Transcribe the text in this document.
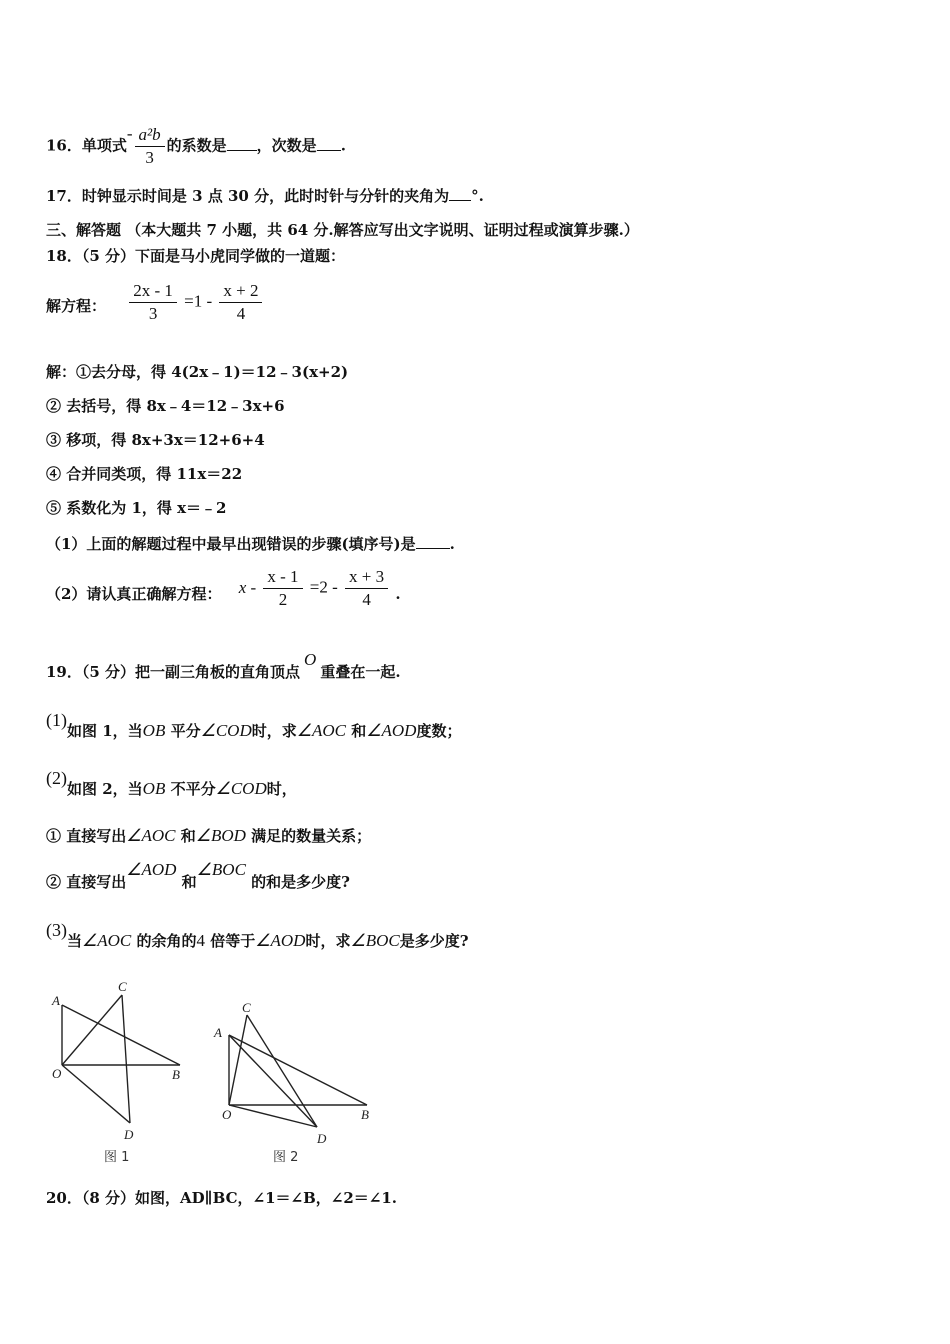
16．单项式- $\frac{\text{a²b}}{3}$ 的系数是 ，次数是 .
17．时钟显示时间是 3 点 30 分，此时时针与分针的夹角为 °.
三、解答题 （本大题共 7 小题，共 64 分.解答应写出文字说明、证明过程或演算步骤.）
18．（5 分）下面是马小虎同学做的一道题：
解方程： $\frac{2x - 1}{3} =1 - \frac{x + 2}{4}$
解：①去分母，得 4(2x﹣1)＝12﹣3(x+2)
② 去括号，得 8x﹣4＝12﹣3x+6
③ 移项，得 8x+3x＝12+6+4
④ 合并同类项，得 11x＝22
⑤ 系数化为 1，得 x＝﹣2
（1）上面的解题过程中最早出现错误的步骤(填序号)是 .
（2）请认真正确解方程： $x - \frac{x - 1}{2} =2 - \frac{x + 3}{4}$ .
19．（5 分）把一副三角板的直角顶点O重叠在一起.
(1)如图 1，当OB 平分∠COD时，求∠AOC 和∠AOD度数；
(2)如图 2，当OB 不平分∠COD时，
① 直接写出∠AOC 和∠BOD 满足的数量关系；
② 直接写出∠AOD 和∠BOC 的和是多少度?
(3)当∠AOC 的余角的4 倍等于∠AOD时，求∠BOC是多少度?
A
C
O	B
D
图 1
C
A
O	B
D
图 2
20．（8 分）如图，AD∥BC，∠1＝∠B，∠2＝∠1.
